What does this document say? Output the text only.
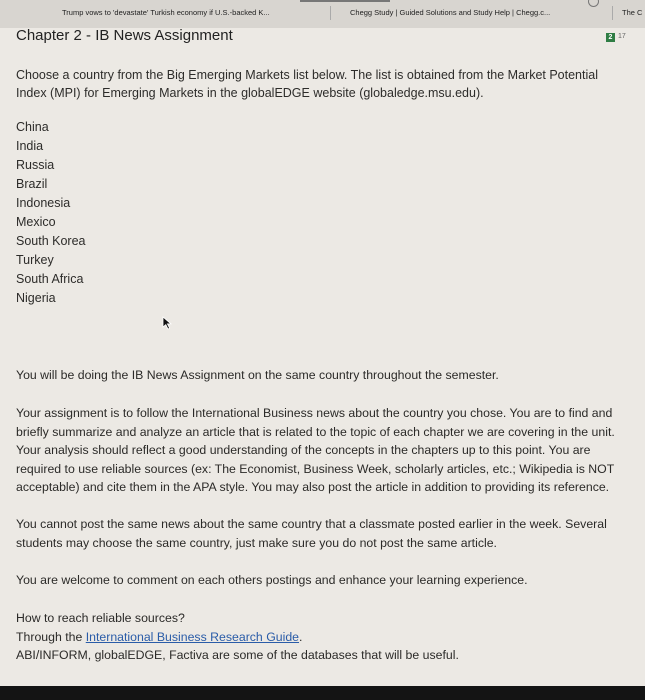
Trump vows to 'devastate' Turkish economy if U.S.-backed K...	Chegg Study | Guided Solutions and Study Help | Chegg.c...	The C
2 17
Chapter 2 - IB News Assignment

Choose a country from the Big Emerging Markets list below. The list is obtained from the Market Potential Index (MPI) for Emerging Markets in the globalEDGE website (globaledge.msu.edu).

China
India
Russia
Brazil
Indonesia
Mexico
South Korea
Turkey
South Africa
Nigeria

You will be doing the IB News Assignment on the same country throughout the semester.

Your assignment is to follow the International Business news about the country you chose. You are to find and briefly summarize and analyze an article that is related to the topic of each chapter we are covering in the unit. Your analysis should reflect a good understanding of the concepts in the chapters up to this point. You are required to use reliable sources (ex: The Economist, Business Week, scholarly articles, etc.; Wikipedia is NOT acceptable) and cite them in the APA style. You may also post the article in addition to providing its reference.

You cannot post the same news about the same country that a classmate posted earlier in the week. Several students may choose the same country, just make sure you do not post the same article.

You are welcome to comment on each others postings and enhance your learning experience.

How to reach reliable sources?
Through the International Business Research Guide.
ABI/INFORM, globalEDGE, Factiva are some of the databases that will be useful.
